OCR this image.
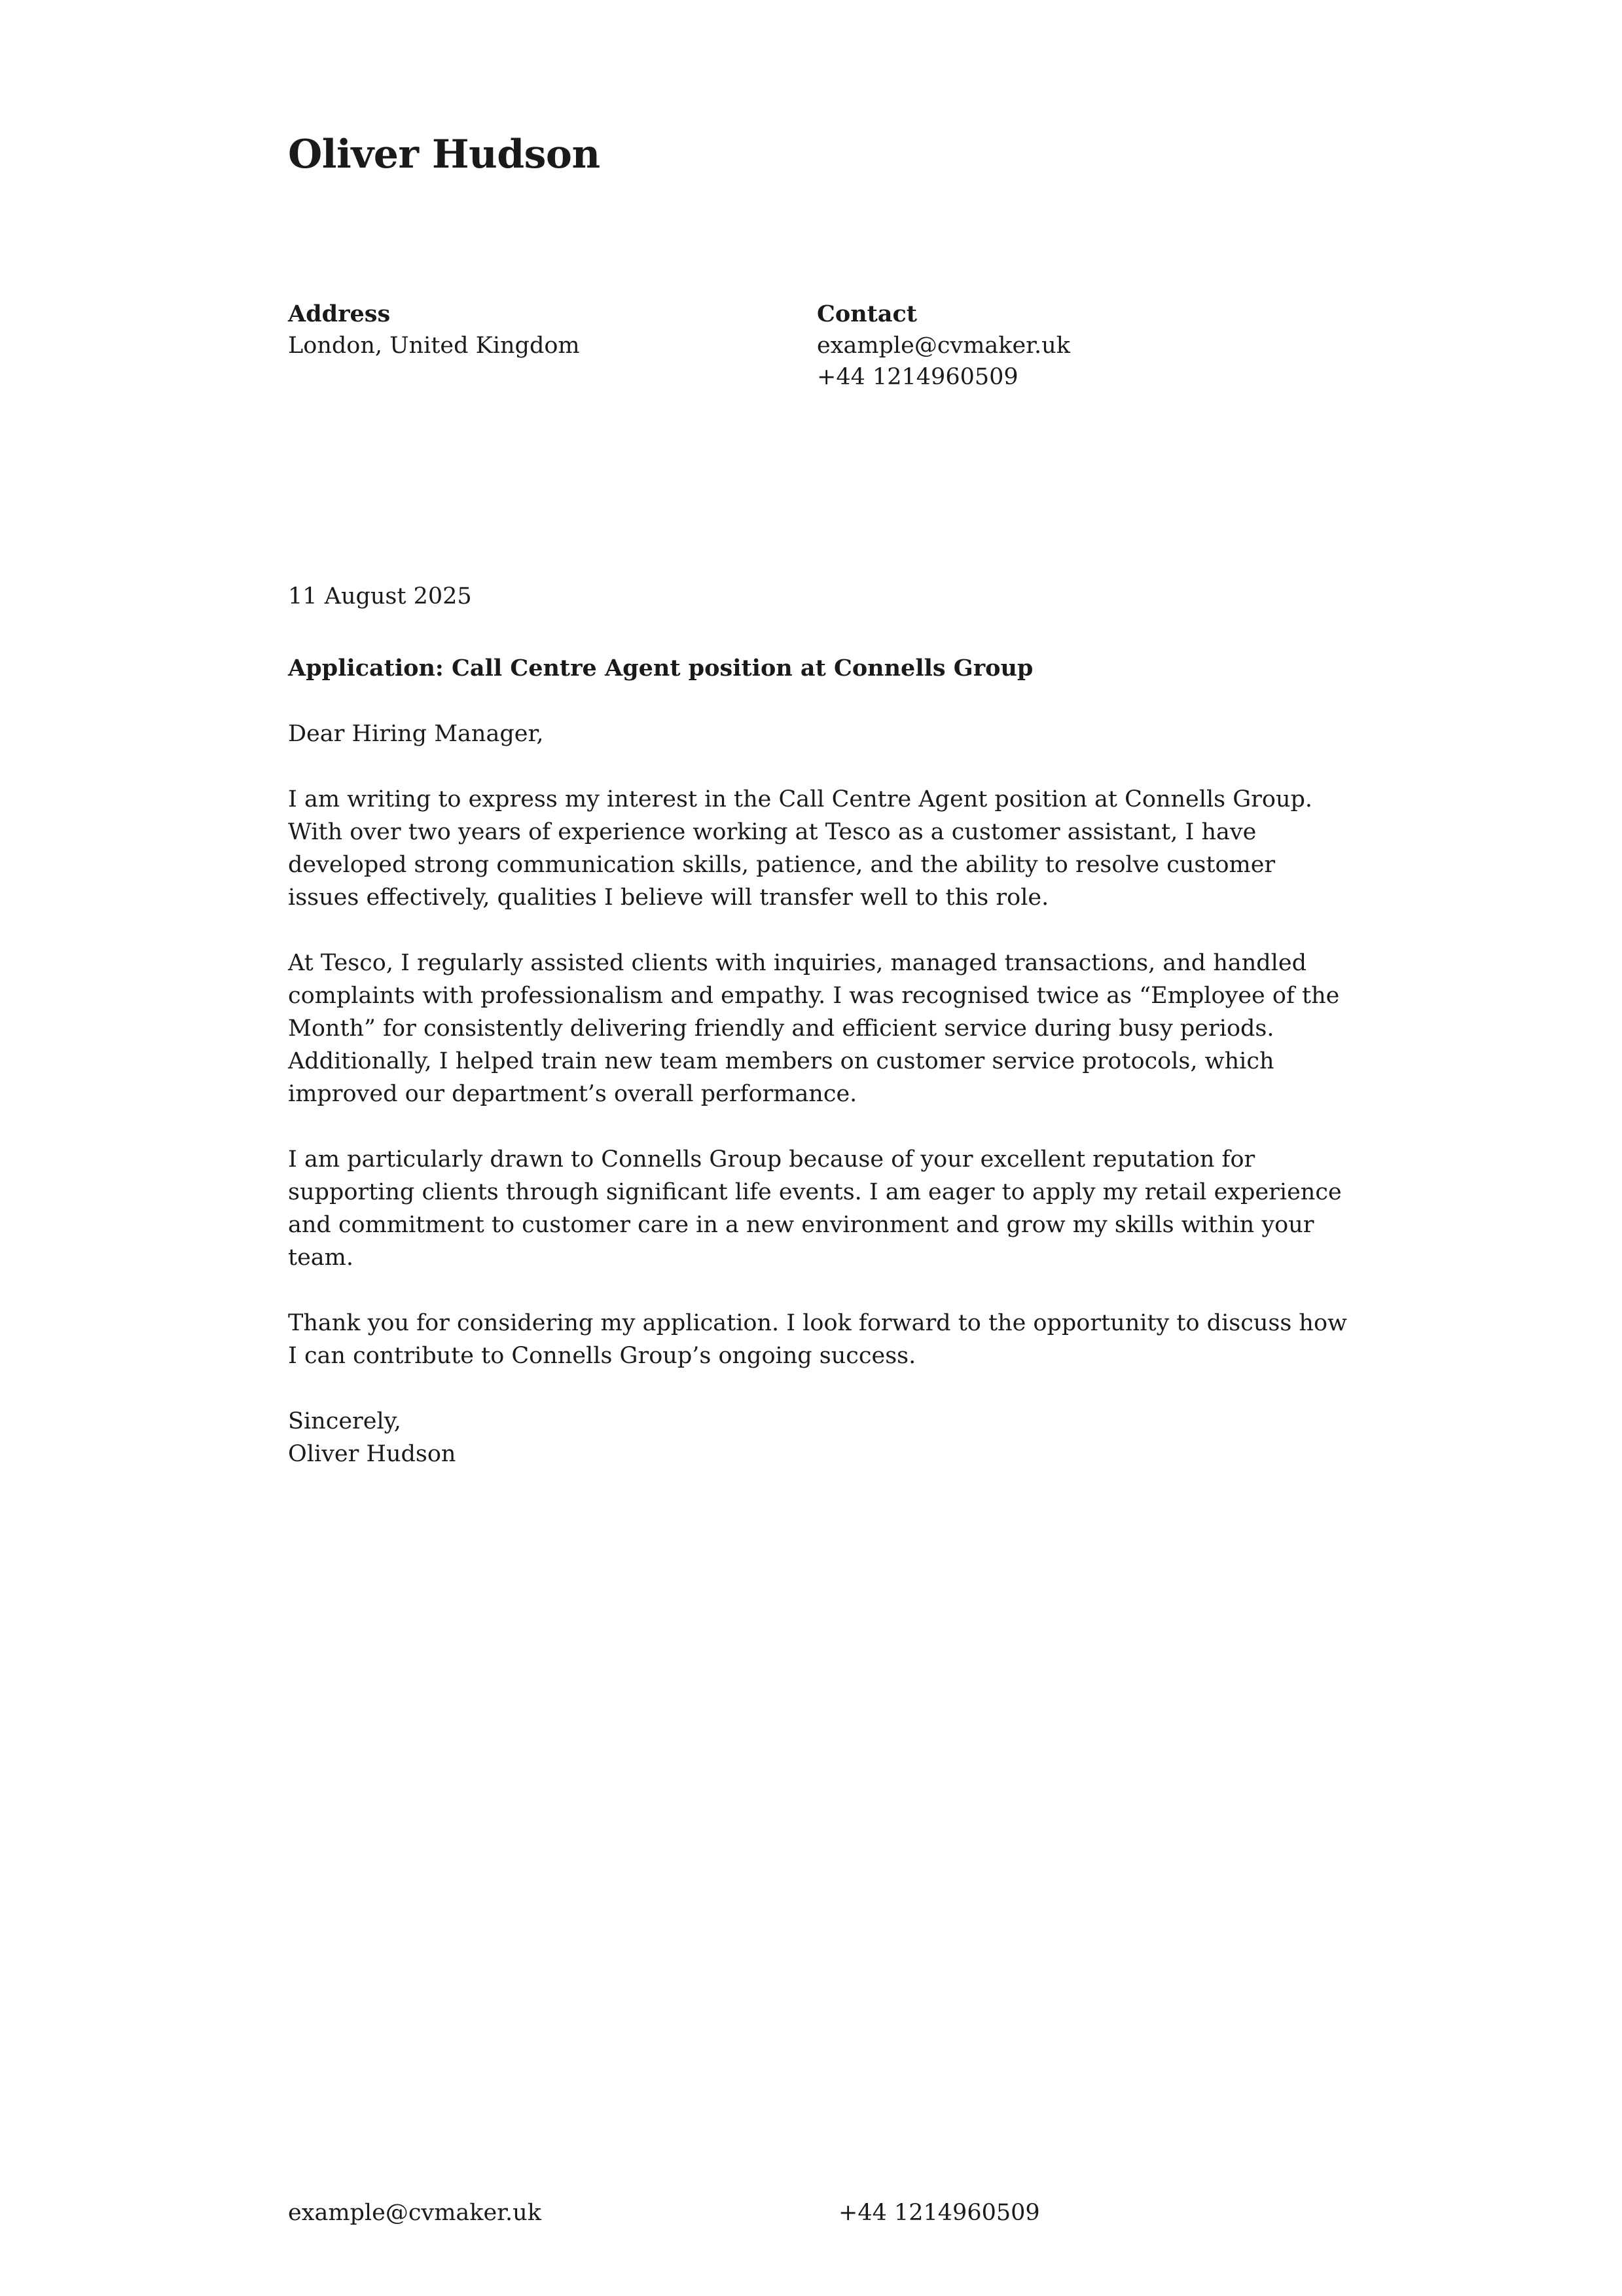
Oliver Hudson
Address
London, United Kingdom
Contact
example@cvmaker.uk
+44 1214960509

11 August 2025

Application: Call Centre Agent position at Connells Group

Dear Hiring Manager,

I am writing to express my interest in the Call Centre Agent position at Connells Group. With over two years of experience working at Tesco as a customer assistant, I have developed strong communication skills, patience, and the ability to resolve customer issues effectively, qualities I believe will transfer well to this role.

At Tesco, I regularly assisted clients with inquiries, managed transactions, and handled complaints with professionalism and empathy. I was recognised twice as “Employee of the Month” for consistently delivering friendly and efficient service during busy periods. Additionally, I helped train new team members on customer service protocols, which improved our department’s overall performance.

I am particularly drawn to Connells Group because of your excellent reputation for supporting clients through significant life events. I am eager to apply my retail experience and commitment to customer care in a new environment and grow my skills within your team.

Thank you for considering my application. I look forward to the opportunity to discuss how I can contribute to Connells Group’s ongoing success.

Sincerely,

Oliver Hudson

example@cvmaker.uk	+44 1214960509
